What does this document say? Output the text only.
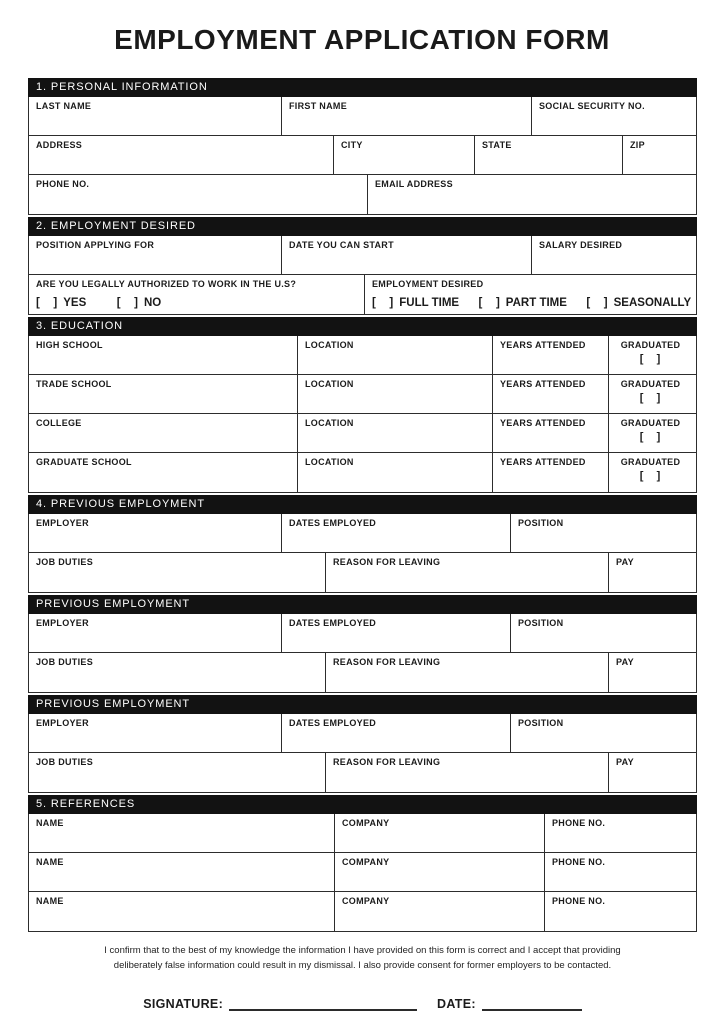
EMPLOYMENT APPLICATION FORM
1. PERSONAL INFORMATION
LAST NAME	FIRST NAME	SOCIAL SECURITY NO.
ADDRESS	CITY	STATE	ZIP
PHONE NO.	EMAIL ADDRESS
2. EMPLOYMENT DESIRED
POSITION APPLYING FOR	DATE YOU CAN START	SALARY DESIRED
ARE YOU LEGALLY AUTHORIZED TO WORK IN THE U.S?
[   ] YES	[   ] NO
EMPLOYMENT DESIRED
[   ] FULL TIME [   ] PART TIME [   ] SEASONALLY
3. EDUCATION
HIGH SCHOOL	LOCATION	YEARS ATTENDED	GRADUATED
[   ]
TRADE SCHOOL	LOCATION	YEARS ATTENDED	GRADUATED
[   ]
COLLEGE	LOCATION	YEARS ATTENDED	GRADUATED
[   ]
GRADUATE SCHOOL	LOCATION	YEARS ATTENDED	GRADUATED
[   ]
4. PREVIOUS EMPLOYMENT
EMPLOYER	DATES EMPLOYED	POSITION
JOB DUTIES	REASON FOR LEAVING	PAY
PREVIOUS EMPLOYMENT
EMPLOYER	DATES EMPLOYED	POSITION
JOB DUTIES	REASON FOR LEAVING	PAY
PREVIOUS EMPLOYMENT
EMPLOYER	DATES EMPLOYED	POSITION
JOB DUTIES	REASON FOR LEAVING	PAY
5. REFERENCES
NAME	COMPANY	PHONE NO.
NAME	COMPANY	PHONE NO.
NAME	COMPANY	PHONE NO.
I confirm that to the best of my knowledge the information I have provided on this form is correct and I accept that providing
deliberately false information could result in my dismissal. I also provide consent for former employers to be contacted.
SIGNATURE:	DATE:
